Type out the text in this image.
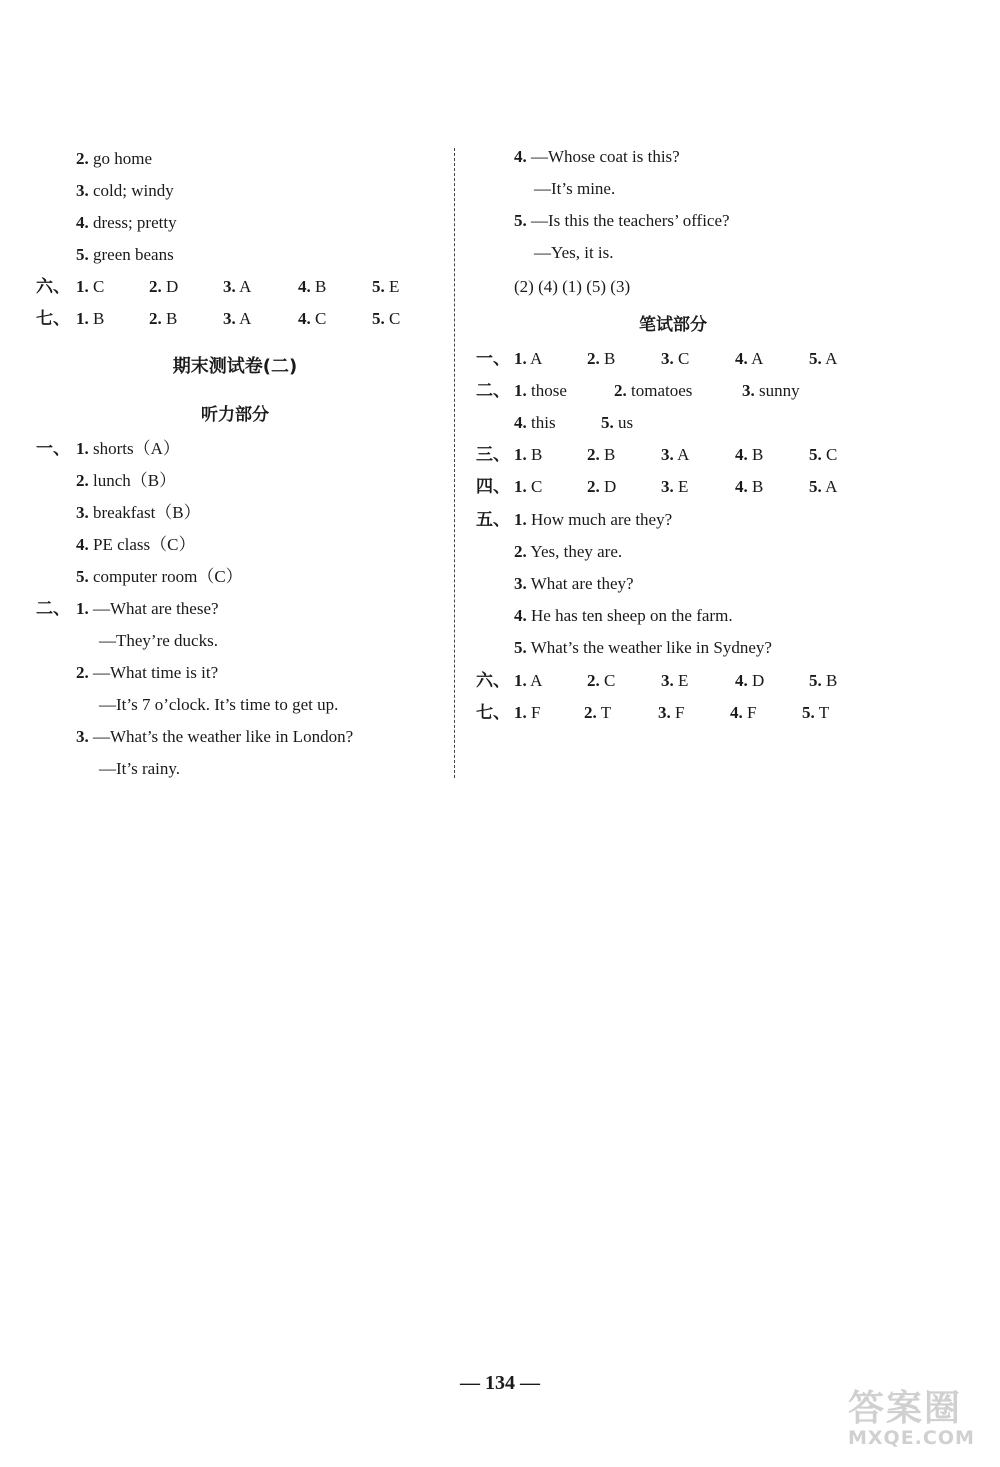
2. go home
3. cold; windy
4. dress; pretty
5. green beans
六、 1. C	2. D	3. A	4. B	5. E
七、 1. B	2. B	3. A	4. C	5. C
期末测试卷(二)
听力部分
一、 1. shorts（A）
2. lunch（B）
3. breakfast（B）
4. PE class（C）
5. computer room（C）
二、 1. —What are these?
—They’re ducks.
2. —What time is it?
—It’s 7 o’clock. It’s time to get up.
3. —What’s the weather like in London?
—It’s rainy.
4. —Whose coat is this?
—It’s mine.
5. —Is this the teachers’ office?
—Yes, it is.
(2) (4) (1) (5) (3)
笔试部分
一、 1. A	2. B	3. C	4. A	5. A
二、 1. those	2. tomatoes	3. sunny
4. this	5. us
三、 1. B	2. B	3. A	4. B	5. C
四、 1. C	2. D	3. E	4. B	5. A
五、 1. How much are they?
2. Yes, they are.
3. What are they?
4. He has ten sheep on the farm.
5. What’s the weather like in Sydney?
六、 1. A	2. C	3. E	4. D	5. B
七、 1. F	2. T	3. F	4. F	5. T
— 134 —
答案圈
MXQE.COM
